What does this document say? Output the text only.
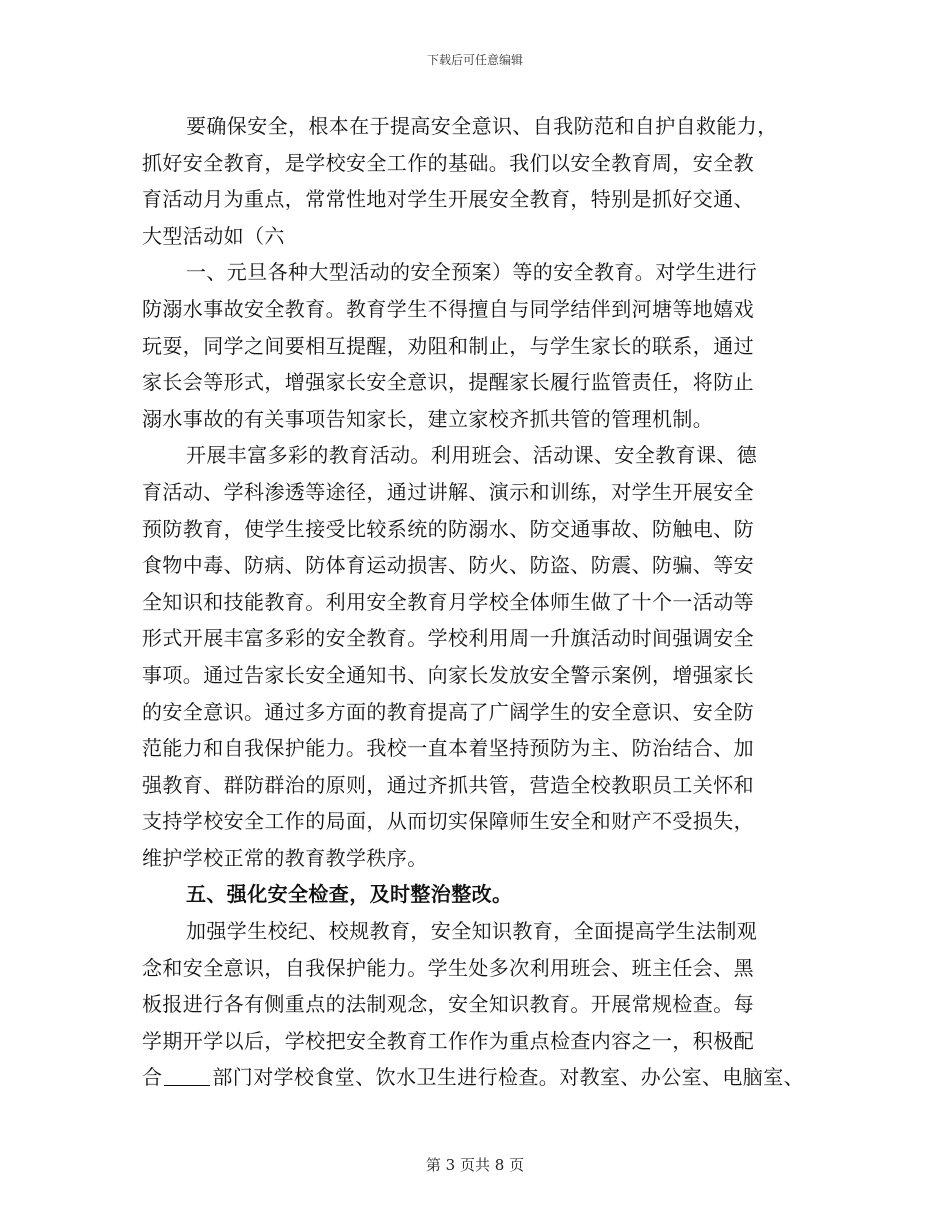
下载后可任意编辑
要确保安全，根本在于提高安全意识、自我防范和自护自救能力，
抓好安全教育，是学校安全工作的基础。我们以安全教育周，安全教
育活动月为重点，常常性地对学生开展安全教育，特别是抓好交通、
大型活动如（六
一、元旦各种大型活动的安全预案）等的安全教育。对学生进行
防溺水事故安全教育。教育学生不得擅自与同学结伴到河塘等地嬉戏
玩耍，同学之间要相互提醒，劝阻和制止，与学生家长的联系，通过
家长会等形式，增强家长安全意识，提醒家长履行监管责任，将防止
溺水事故的有关事项告知家长，建立家校齐抓共管的管理机制。
开展丰富多彩的教育活动。利用班会、活动课、安全教育课、德
育活动、学科渗透等途径，通过讲解、演示和训练，对学生开展安全
预防教育，使学生接受比较系统的防溺水、防交通事故、防触电、防
食物中毒、防病、防体育运动损害、防火、防盗、防震、防骗、等安
全知识和技能教育。利用安全教育月学校全体师生做了十个一活动等
形式开展丰富多彩的安全教育。学校利用周一升旗活动时间强调安全
事项。通过告家长安全通知书、向家长发放安全警示案例，增强家长
的安全意识。通过多方面的教育提高了广阔学生的安全意识、安全防
范能力和自我保护能力。我校一直本着坚持预防为主、防治结合、加
强教育、群防群治的原则，通过齐抓共管，营造全校教职员工关怀和
支持学校安全工作的局面，从而切实保障师生安全和财产不受损失，
维护学校正常的教育教学秩序。
五、强化安全检查，及时整治整改。
加强学生校纪、校规教育，安全知识教育，全面提高学生法制观
念和安全意识，自我保护能力。学生处多次利用班会、班主任会、黑
板报进行各有侧重点的法制观念，安全知识教育。开展常规检查。每
学期开学以后，学校把安全教育工作作为重点检查内容之一，积极配
合	部门对学校食堂、饮水卫生进行检查。对教室、办公室、电脑室、
第 3 页共 8 页
